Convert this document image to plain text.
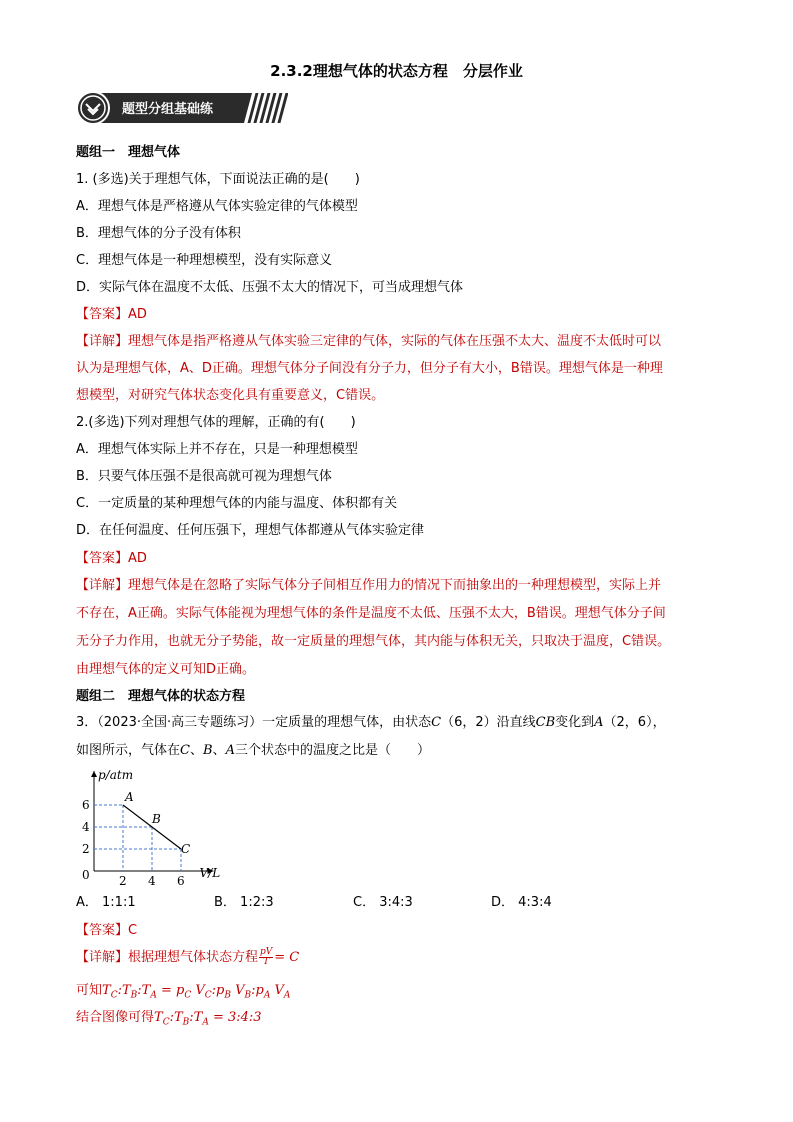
2.3.2理想气体的状态方程　分层作业
题型分组基础练
题组一　理想气体
1. (多选)关于理想气体，下面说法正确的是(　　)
A．理想气体是严格遵从气体实验定律的气体模型
B．理想气体的分子没有体积
C．理想气体是一种理想模型，没有实际意义
D．实际气体在温度不太低、压强不太大的情况下，可当成理想气体
【答案】AD
【详解】理想气体是指严格遵从气体实验三定律的气体，实际的气体在压强不太大、温度不太低时可以
认为是理想气体，A、D正确。理想气体分子间没有分子力，但分子有大小，B错误。理想气体是一种理
想模型，对研究气体状态变化具有重要意义，C错误。
2.(多选)下列对理想气体的理解，正确的有(　　)
A．理想气体实际上并不存在，只是一种理想模型
B．只要气体压强不是很高就可视为理想气体
C．一定质量的某种理想气体的内能与温度、体积都有关
D．在任何温度、任何压强下，理想气体都遵从气体实验定律
【答案】AD
【详解】理想气体是在忽略了实际气体分子间相互作用力的情况下而抽象出的一种理想模型，实际上并
不存在，A正确。实际气体能视为理想气体的条件是温度不太低、压强不太大，B错误。理想气体分子间
无分子力作用，也就无分子势能，故一定质量的理想气体，其内能与体积无关，只取决于温度，C错误。
由理想气体的定义可知D正确。
题组二　理想气体的状态方程
3．（2023·全国·高三专题练习）一定质量的理想气体，由状态C（6，2）沿直线CB变化到A（2，6），
如图所示，气体在C、B、A三个状态中的温度之比是（　　）
p/atm
V/L
0 2 4 6
2
4
6
A
B
C
A． 1:1:1	B． 1:2:3	C． 3:4:3	D． 4:3:4
【答案】C
【详解】根据理想气体状态方程 $\frac{pV}{T} = C$
可知$T_C:T_B:T_A = p_C$ $V_C:p_B$ $V_B:p_A$ $V_A$
结合图像可得$T_C:T_B:T_A$ = 3:4:3
